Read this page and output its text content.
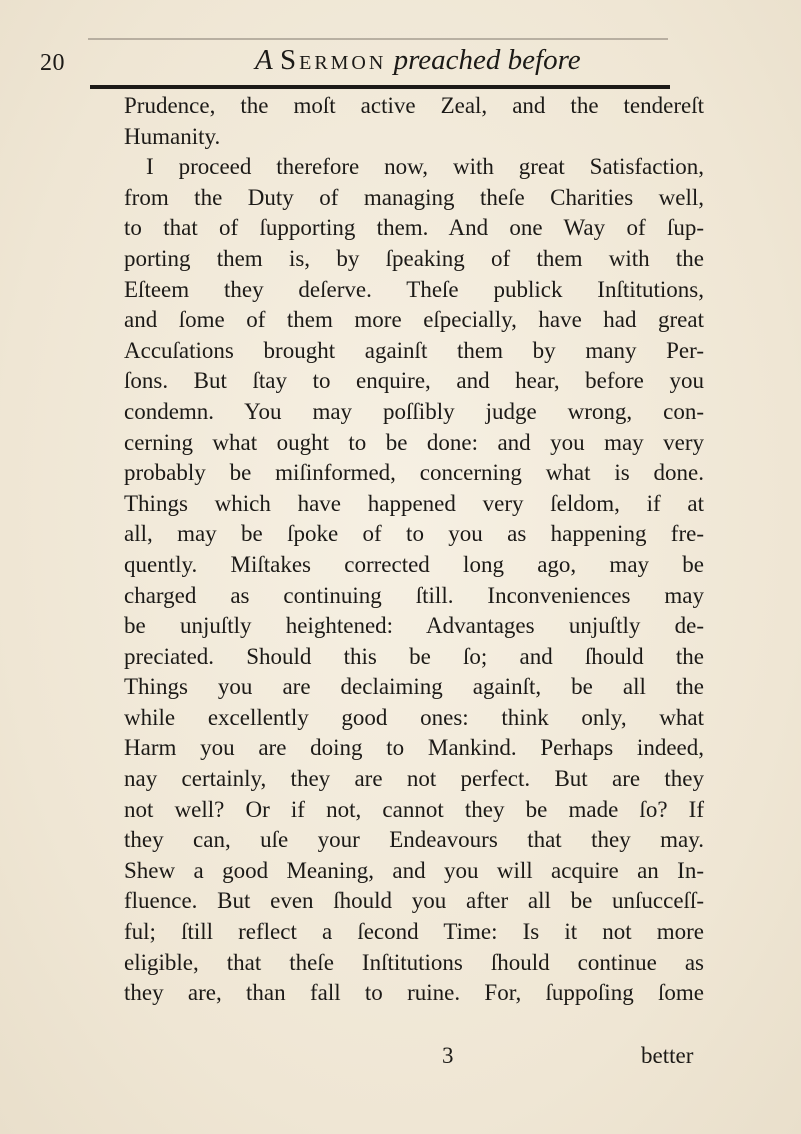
20	A Sermon preached before
Prudence, the moſt active Zeal, and the tendereſt
Humanity.
I proceed therefore now, with great Satisfaction,
from the Duty of managing theſe Charities well,
to that of ſupporting them. And one Way of ſup-
porting them is, by ſpeaking of them with the
Eſteem they deſerve. Theſe publick Inſtitutions,
and ſome of them more eſpecially, have had great
Accuſations brought againſt them by many Per-
ſons. But ſtay to enquire, and hear, before you
condemn. You may poſſibly judge wrong, con-
cerning what ought to be done: and you may very
probably be miſinformed, concerning what is done.
Things which have happened very ſeldom, if at
all, may be ſpoke of to you as happening fre-
quently. Miſtakes corrected long ago, may be
charged as continuing ſtill. Inconveniences may
be unjuſtly heightened: Advantages unjuſtly de-
preciated. Should this be ſo; and ſhould the
Things you are declaiming againſt, be all the
while excellently good ones: think only, what
Harm you are doing to Mankind. Perhaps indeed,
nay certainly, they are not perfect. But are they
not well? Or if not, cannot they be made ſo? If
they can, uſe your Endeavours that they may.
Shew a good Meaning, and you will acquire an In-
fluence. But even ſhould you after all be unſucceſſ-
ful; ſtill reflect a ſecond Time: Is it not more
eligible, that theſe Inſtitutions ſhould continue as
they are, than fall to ruine. For, ſuppoſing ſome
3	better
